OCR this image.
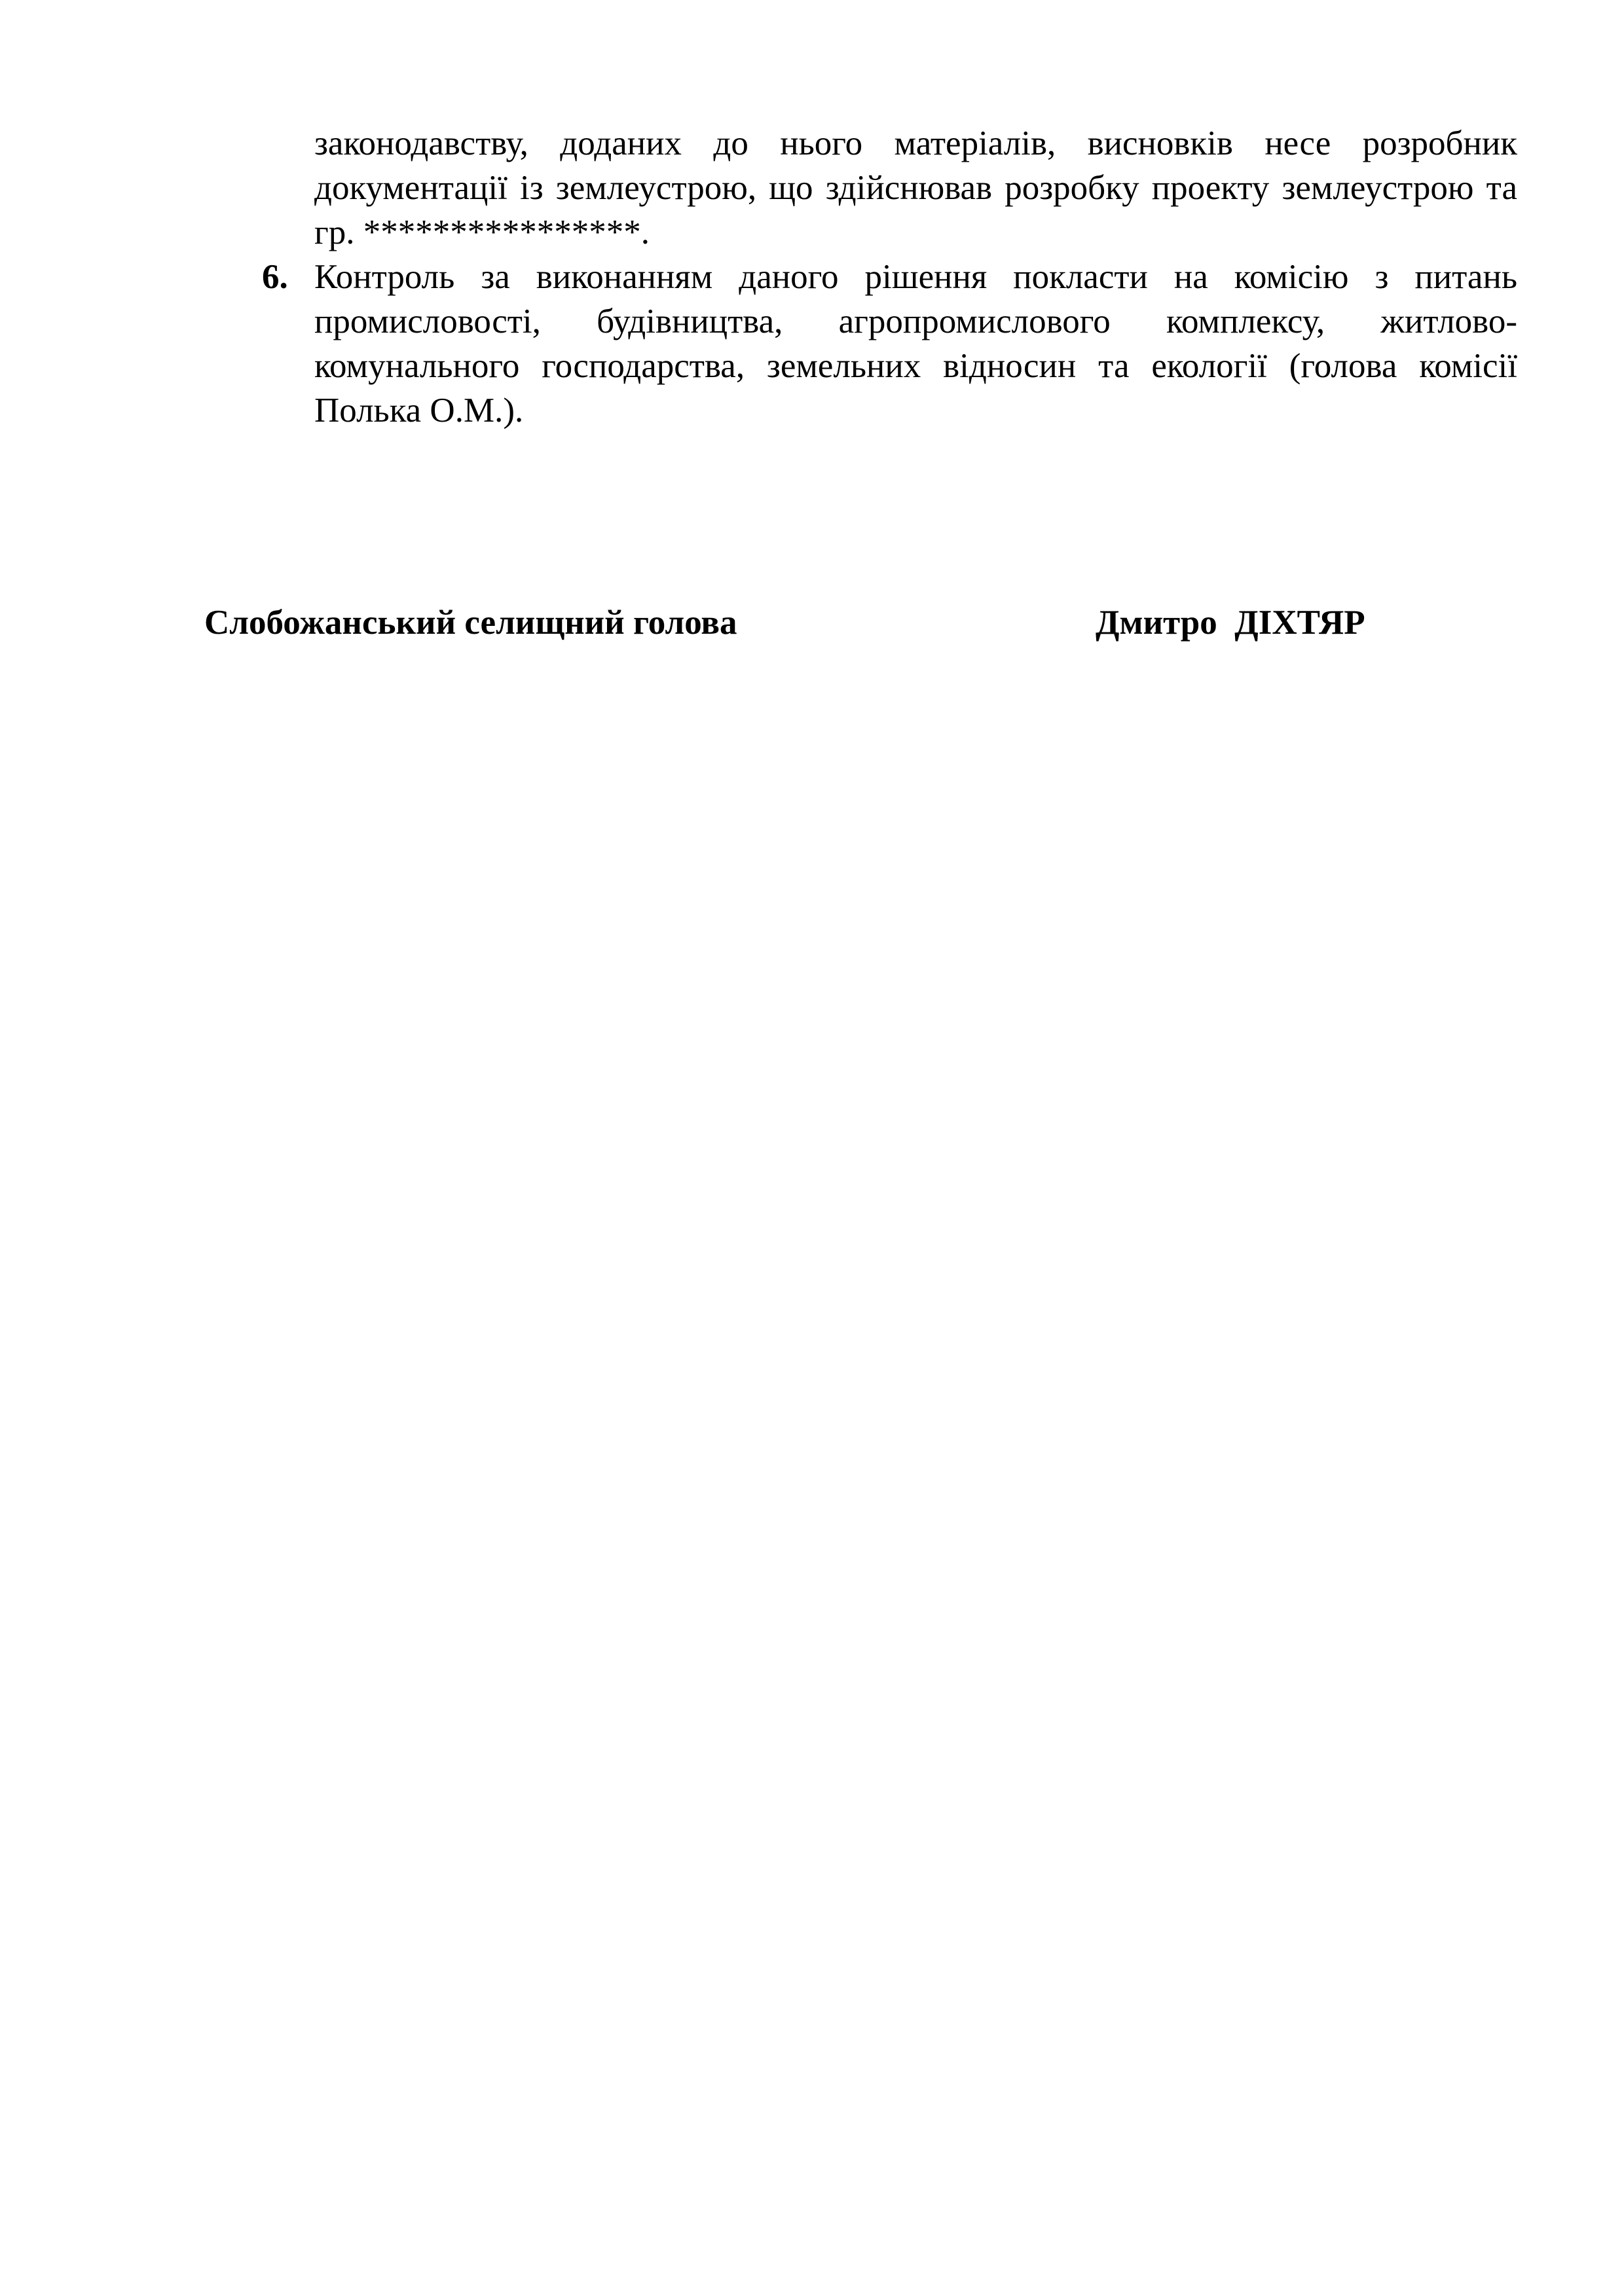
законодавству, доданих до нього матеріалів, висновків несе розробник документації із землеустрою, що здійснював розробку проекту землеустрою та гр. ****************.
6. Контроль за виконанням даного рішення покласти на комісію з питань промисловості, будівництва, агропромислового комплексу, житлово-комунального господарства, земельних відносин та екології (голова комісії Полька О.М.).
Слобожанський селищний голова	Дмитро  ДІХТЯР
